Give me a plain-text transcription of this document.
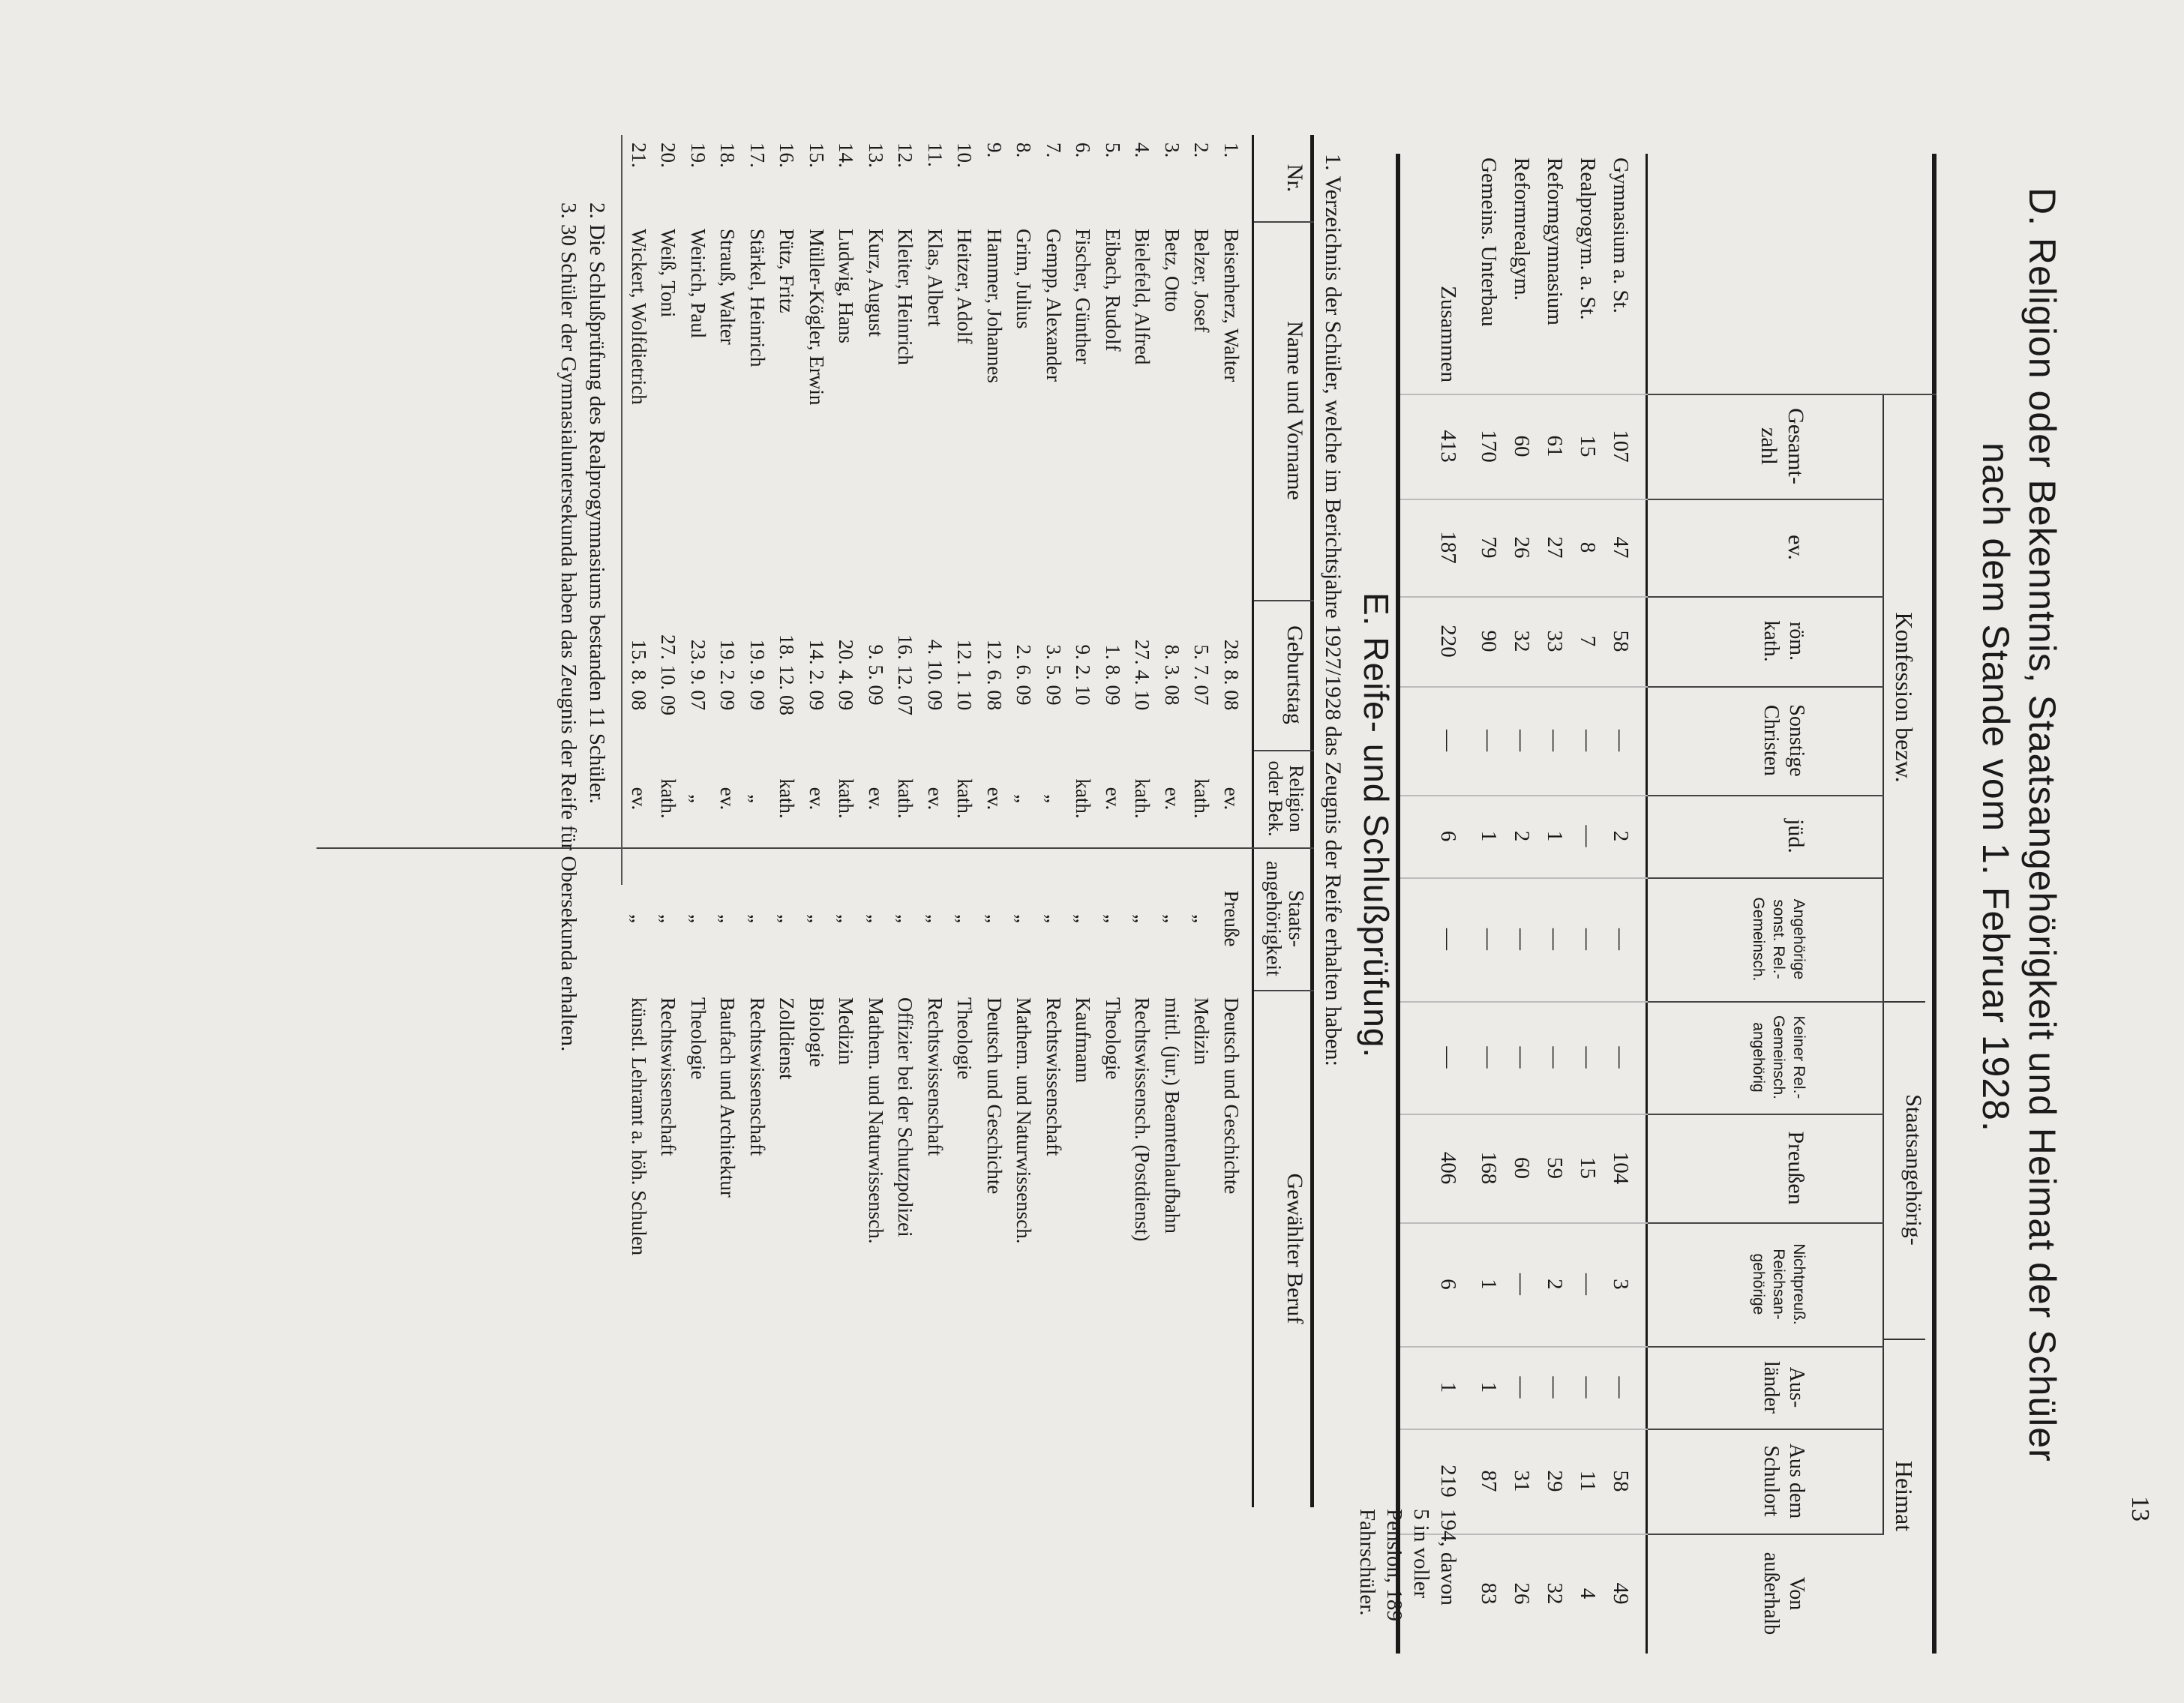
13
D. Religion oder Bekenntnis, Staatsangehörigkeit und Heimat der Schüler
nach dem Stande vom 1. Februar 1928.
Konfession bezw.
Staatsangehörig-
Heimat
Gesamt-zahl
ev.
röm. kath.
Sonstige Christen
jüd.
Angehörige sonst. Rel.-Gemeinsch.
Keiner Rel.-Gemeinsch. angehörig
Preußen
Nichtpreuß. Reichsan-gehörige
Aus-länder
Aus dem Schulort
Von außerhalb
Gymnasium a. St.
107
47
58
—
2
—
—
104
3
—
58
49
Realprogym. a. St.
15
8
7
—
—
—
—
15
—
—
11
4
Reformgymnasium
61
27
33
—
1
—
—
59
2
—
29
32
Reformrealgym.
60
26
32
—
2
—
—
60
—
—
31
26
Gemeins. Unterbau
170
79
90
—
1
—
—
168
1
1
87
83
Zusammen
413
187
220
—
6
—
—
406
6
1
219
194, davon
5 in voller
Pension, 189
Fahrschüler.
E. Reife- und Schlußprüfung.
1. Verzeichnis der Schüler, welche im Berichtsjahre 1927/1928 das Zeugnis der Reife erhalten haben:
Nr.
Name und Vorname
Geburtstag
Religion oder Bek.
Staats-angehörigkeit
Gewählter Beruf
1.
Beisenherz, Walter
28. 8. 08
ev.
Preuße
Deutsch und Geschichte
2.
Belzer, Josef
5. 7. 07
kath.
„
Medizin
3.
Betz, Otto
8. 3. 08
ev.
„
mittl. (jur.) Beamtenlaufbahn
4.
Bielefeld, Alfred
27. 4. 10
kath.
„
Rechtswissensch. (Postdienst)
5.
Eibach, Rudolf
1. 8. 09
ev.
„
Theologie
6.
Fischer, Günther
9. 2. 10
kath.
„
Kaufmann
7.
Gempp, Alexander
3. 5. 09
„
„
Rechtswissenschaft
8.
Grim, Julius
2. 6. 09
„
„
Mathem. und Naturwissensch.
9.
Hammer, Johannes
12. 6. 08
ev.
„
Deutsch und Geschichte
10.
Heitzer, Adolf
12. 1. 10
kath.
„
Theologie
11.
Klas, Albert
4. 10. 09
ev.
„
Rechtswissenschaft
12.
Kleiter, Heinrich
16. 12. 07
kath.
„
Offizier bei der Schutzpolizei
13.
Kurz, August
9. 5. 09
ev.
„
Mathem. und Naturwissensch.
14.
Ludwig, Hans
20. 4. 09
kath.
„
Medizin
15.
Müller-Kögler, Erwin
14. 2. 09
ev.
„
Biologie
16.
Pütz, Fritz
18. 12. 08
kath.
„
Zolldienst
17.
Stärkel, Heinrich
19. 9. 09
„
„
Rechtswissenschaft
18.
Strauß, Walter
19. 2. 09
ev.
„
Baufach und Architektur
19.
Weirich, Paul
23. 9. 07
„
„
Theologie
20.
Weiß, Toni
27. 10. 09
kath.
„
Rechtswissenschaft
21.
Wickert, Wolfdietrich
15. 8. 08
ev.
„
künstl. Lehramt a. höh. Schulen
2. Die Schlußprüfung des Realprogymnasiums bestanden 11 Schüler.
3. 30 Schüler der Gymnasialuntersekunda haben das Zeugnis der Reife für Obersekunda erhalten.
